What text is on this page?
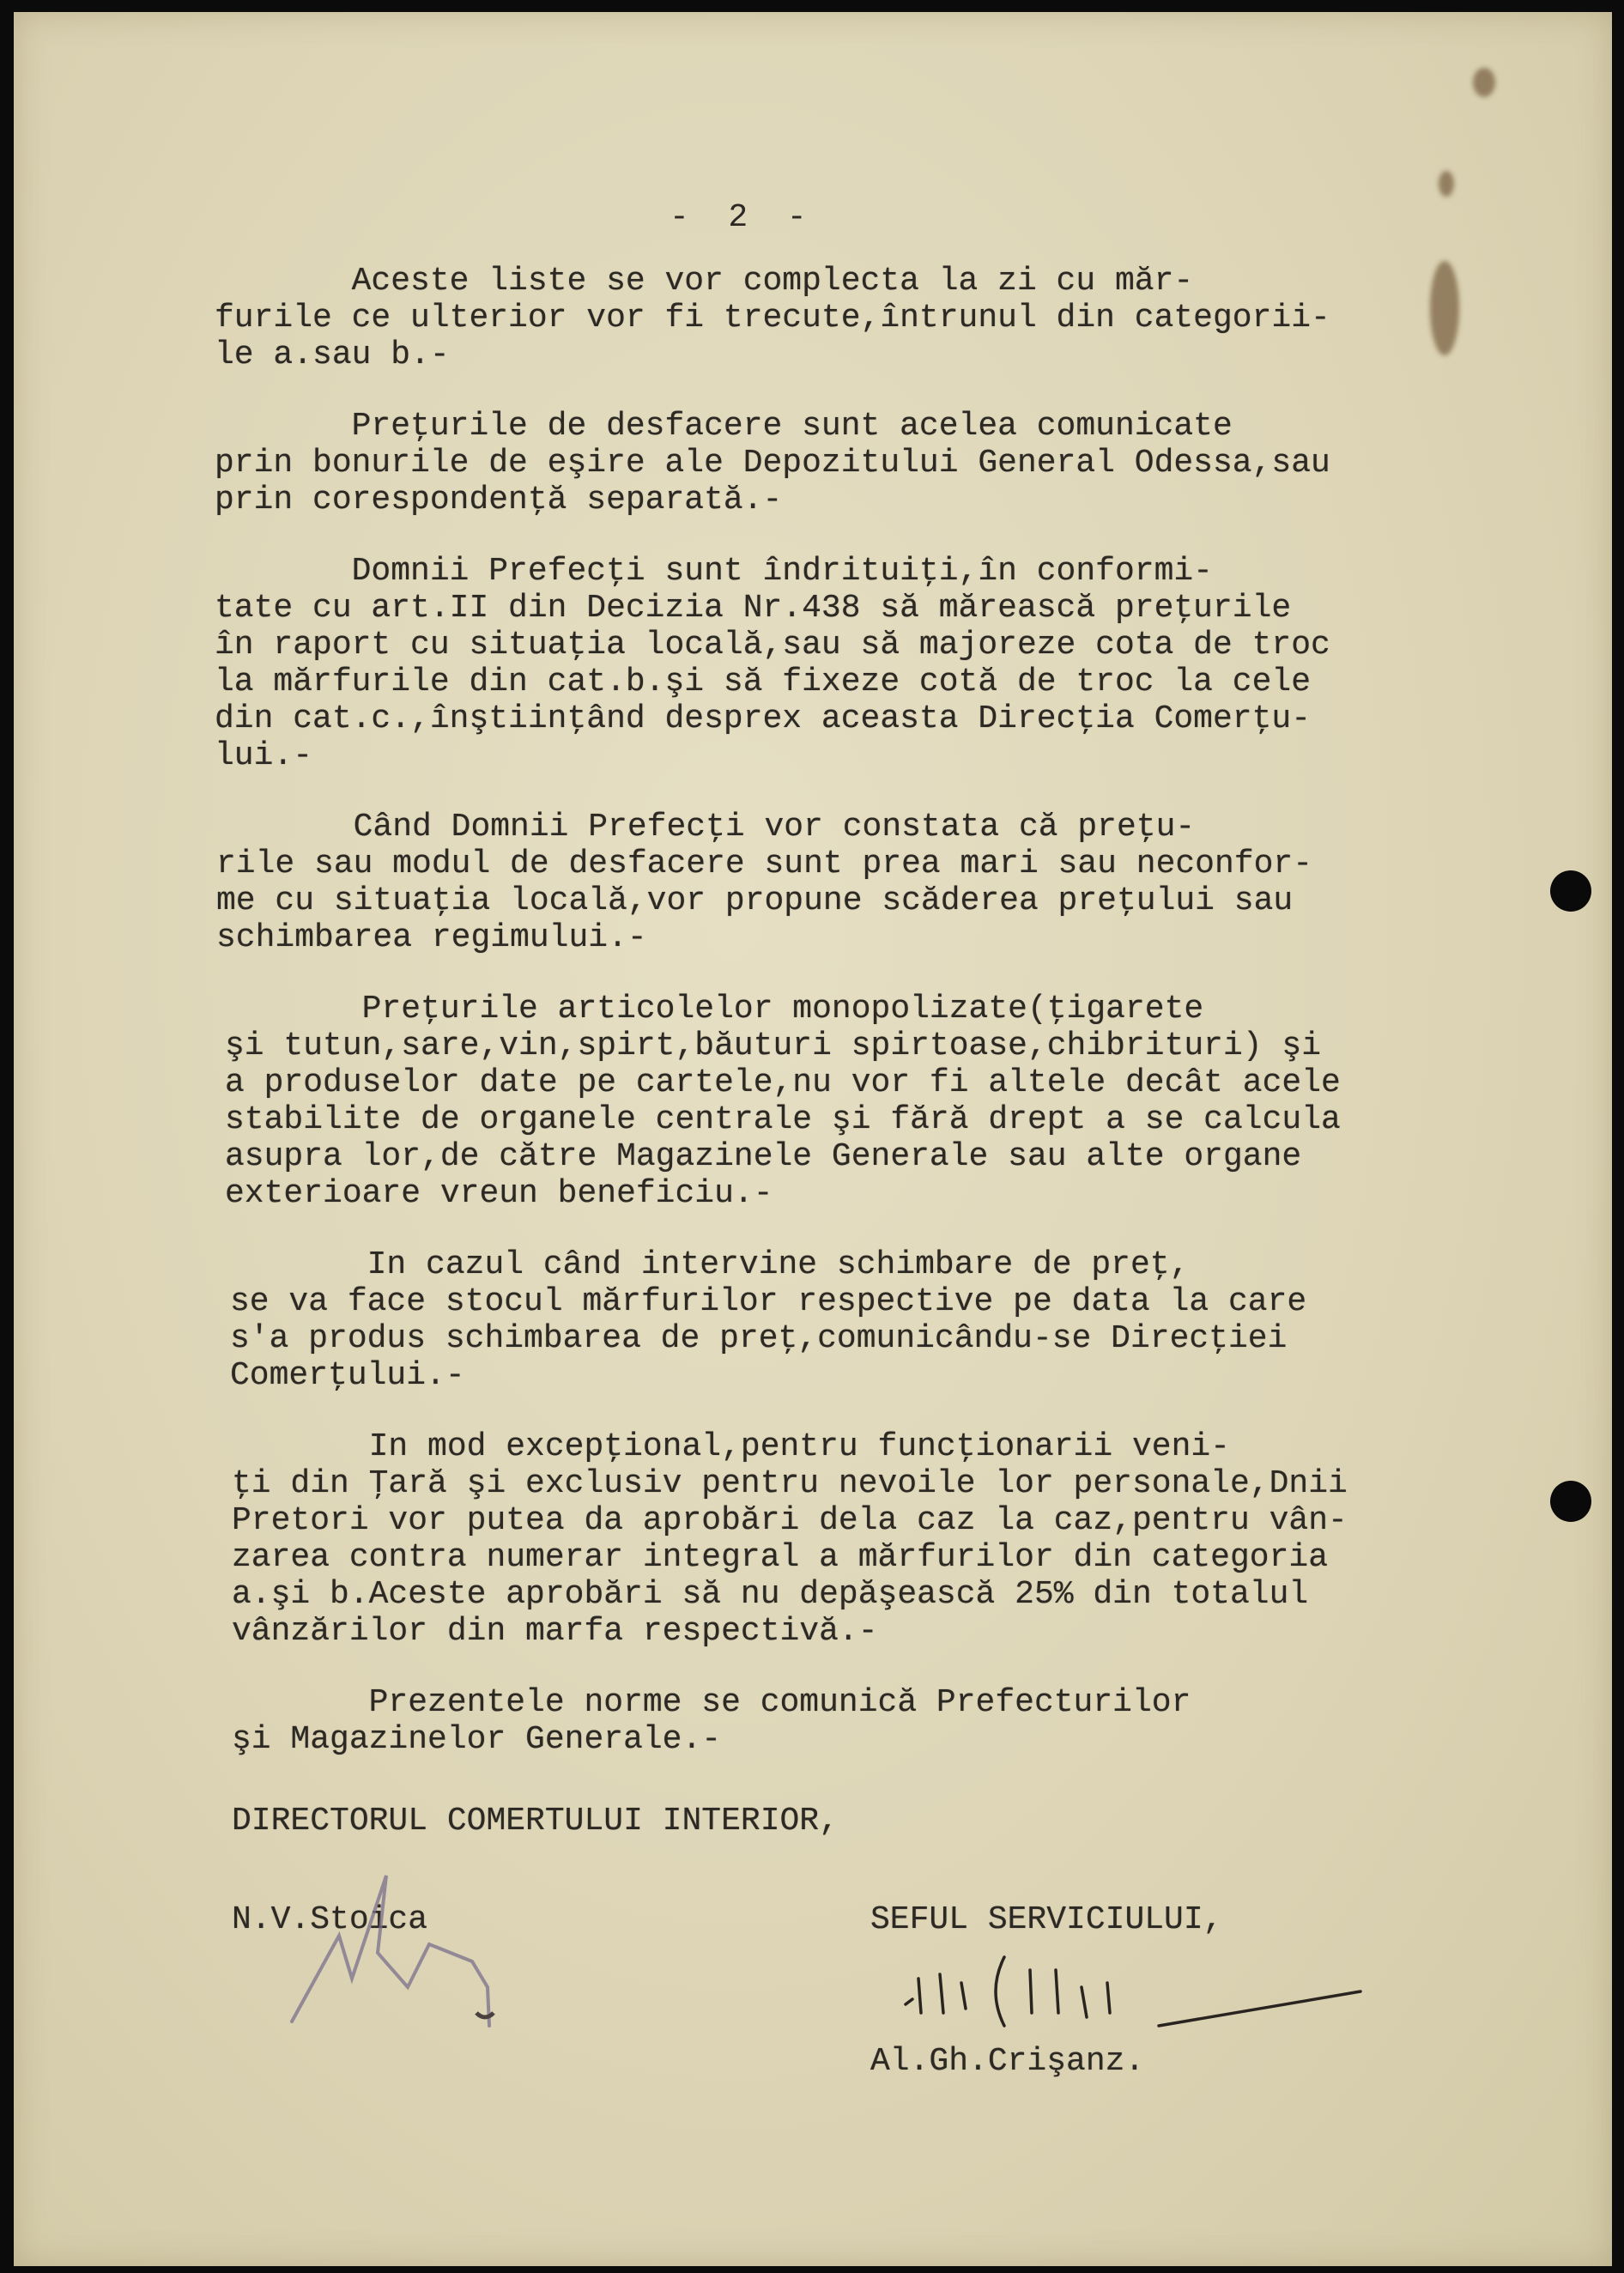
-  2  -
Aceste liste se vor complecta la zi cu măr-
furile ce ulterior vor fi trecute,întrunul din categorii-
le a.sau b.-
Preţurile de desfacere sunt acelea comunicate
prin bonurile de eşire ale Depozitului General Odessa,sau
prin corespondenţă separată.-
Domnii Prefecţi sunt îndrituiţi,în conformi-
tate cu art.II din Decizia Nr.438 să mărească preţurile
în raport cu situaţia locală,sau să majoreze cota de troc
la mărfurile din cat.b.şi să fixeze cotă de troc la cele
din cat.c.,înştiinţând desprex aceasta Direcţia Comerţu-
lui.-
Când Domnii Prefecţi vor constata că preţu-
rile sau modul de desfacere sunt prea mari sau neconfor-
me cu situaţia locală,vor propune scăderea preţului sau
schimbarea regimului.-
Preţurile articolelor monopolizate(ţigarete
şi tutun,sare,vin,spirt,băuturi spirtoase,chibrituri) şi
a produselor date pe cartele,nu vor fi altele decât acele
stabilite de organele centrale şi fără drept a se calcula
asupra lor,de către Magazinele Generale sau alte organe
exterioare vreun beneficiu.-
In cazul când intervine schimbare de preţ,
se va face stocul mărfurilor respective pe data la care
s'a produs schimbarea de preţ,comunicându-se Direcţiei
Comerţului.-
In mod excepţional,pentru funcţionarii veni-
ţi din Ţară şi exclusiv pentru nevoile lor personale,Dnii
Pretori vor putea da aprobări dela caz la caz,pentru vân-
zarea contra numerar integral a mărfurilor din categoria
a.şi b.Aceste aprobări să nu depăşească 25% din totalul
vânzărilor din marfa respectivă.-
Prezentele norme se comunică Prefecturilor
şi Magazinelor Generale.-
DIRECTORUL COMERTULUI INTERIOR,
N.V.Stoica	SEFUL SERVICIULUI,
Al.Gh.Crişanz.
